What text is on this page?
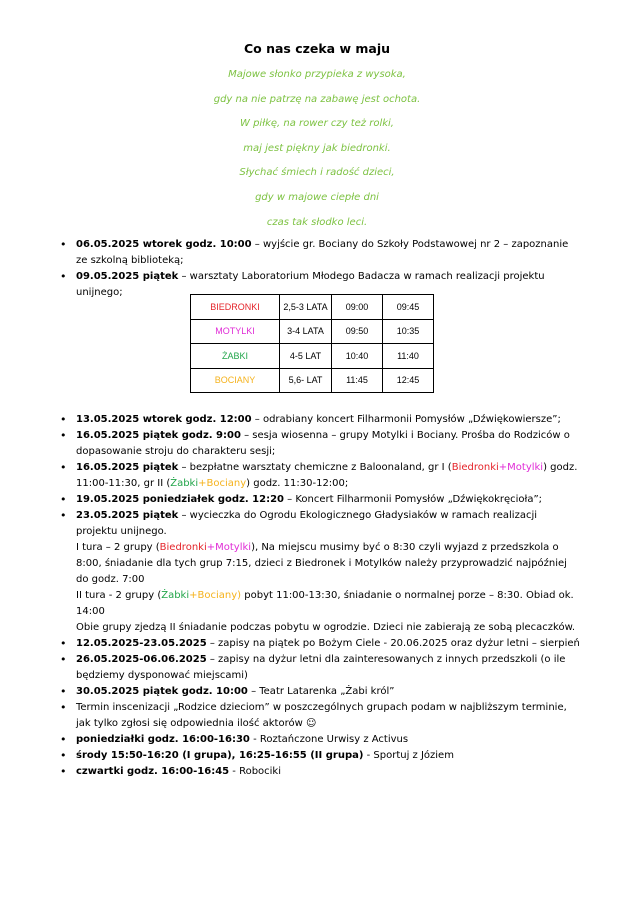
Co nas czeka w maju
Majowe słonko przypieka z wysoka,
gdy na nie patrzę na zabawę jest ochota.
W piłkę, na rower czy też rolki,
maj jest piękny jak biedronki.
Słychać śmiech i radość dzieci,
gdy w majowe ciepłe dni
czas tak słodko leci.
• 06.05.2025 wtorek godz. 10:00 – wyjście gr. Bociany do Szkoły Podstawowej nr 2 – zapoznanie ze szkolną biblioteką;
• 09.05.2025 piątek – warsztaty Laboratorium Młodego Badacza w ramach realizacji projektu unijnego;
BIEDRONKI	2,5-3 LATA	09:00	09:45
MOTYLKI	3-4 LATA	09:50	10:35
ŻABKI	4-5 LAT	10:40	11:40
BOCIANY	5,6- LAT	11:45	12:45
• 13.05.2025 wtorek godz. 12:00 – odrabiany koncert Filharmonii Pomysłów „Dźwiękowiersze”;
• 16.05.2025 piątek godz. 9:00 – sesja wiosenna – grupy Motylki i Bociany. Prośba do Rodziców o dopasowanie stroju do charakteru sesji;
• 16.05.2025 piątek – bezpłatne warsztaty chemiczne z Baloonaland, gr I (Biedronki+Motylki) godz. 11:00-11:30, gr II (Żabki+Bociany) godz. 11:30-12:00;
• 19.05.2025 poniedziałek godz. 12:20 – Koncert Filharmonii Pomysłów „Dźwiękokręcioła”;
• 23.05.2025 piątek – wycieczka do Ogrodu Ekologicznego Gładysiaków w ramach realizacji projektu unijnego.
I tura – 2 grupy (Biedronki+Motylki), Na miejscu musimy być o 8:30 czyli wyjazd z przedszkola o 8:00, śniadanie dla tych grup 7:15, dzieci z Biedronek i Motylków należy przyprowadzić najpóźniej do godz. 7:00
II tura - 2 grupy (Żabki+Bociany) pobyt 11:00-13:30, śniadanie o normalnej porze – 8:30. Obiad ok. 14:00
Obie grupy zjedzą II śniadanie podczas pobytu w ogrodzie. Dzieci nie zabierają ze sobą plecaczków.
• 12.05.2025-23.05.2025 – zapisy na piątek po Bożym Ciele - 20.06.2025 oraz dyżur letni – sierpień
• 26.05.2025-06.06.2025 – zapisy na dyżur letni dla zainteresowanych z innych przedszkoli (o ile będziemy dysponować miejscami)
• 30.05.2025 piątek godz. 10:00 – Teatr Latarenka „Żabi król”
• Termin inscenizacji „Rodzice dzieciom” w poszczególnych grupach podam w najbliższym terminie, jak tylko zgłosi się odpowiednia ilość aktorów ☺
• poniedziałki godz. 16:00-16:30 - Roztańczone Urwisy z Activus
• środy 15:50-16:20 (I grupa), 16:25-16:55 (II grupa) - Sportuj z Józiem
• czwartki godz. 16:00-16:45 - Robociki
